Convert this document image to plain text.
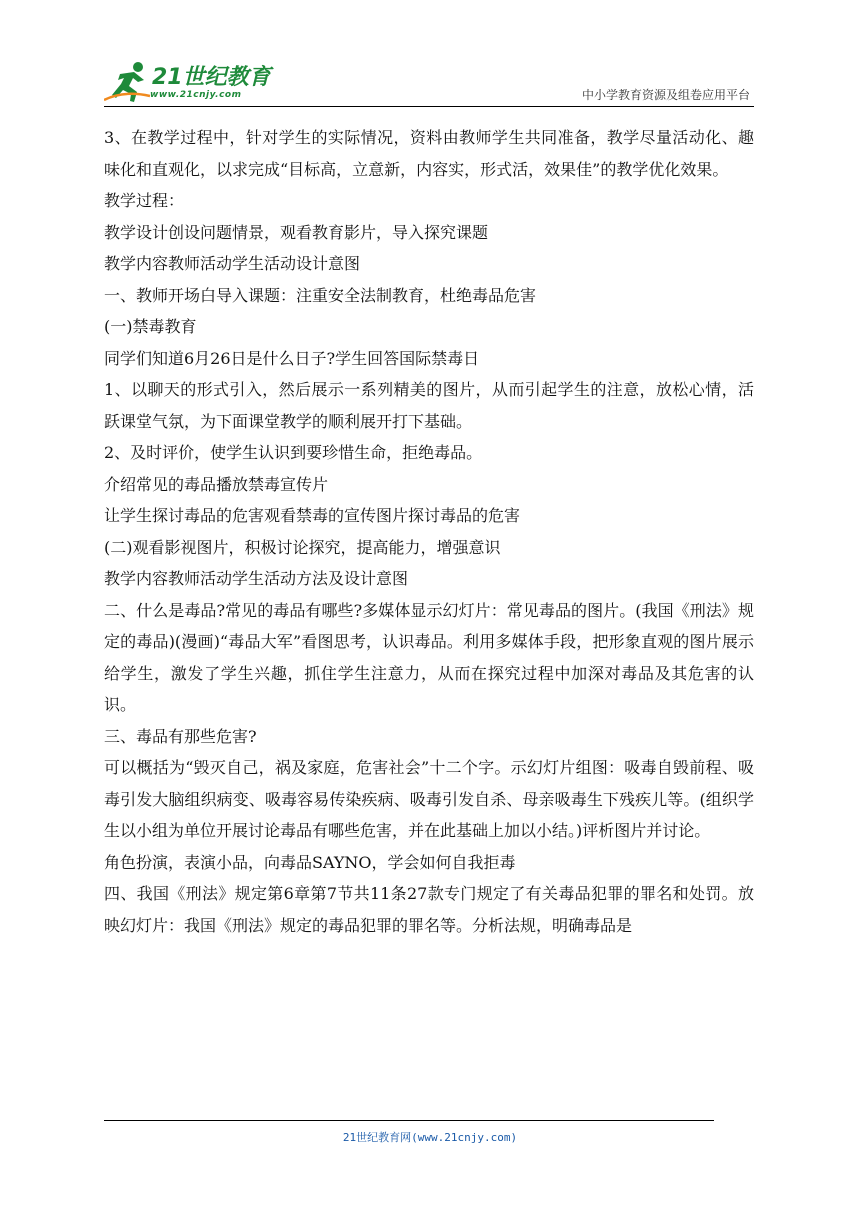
21世纪教育
www.21cnjy.com	中小学教育资源及组卷应用平台

3、在教学过程中，针对学生的实际情况，资料由教师学生共同准备，教学尽量活动化、趣味化和直观化，以求完成“目标高，立意新，内容实，形式活，效果佳”的教学优化效果。

教学过程：

教学设计创设问题情景，观看教育影片，导入探究课题

教学内容教师活动学生活动设计意图

一、教师开场白导入课题：注重安全法制教育，杜绝毒品危害

(一)禁毒教育

同学们知道6月26日是什么日子?学生回答国际禁毒日

1、以聊天的形式引入，然后展示一系列精美的图片，从而引起学生的注意，放松心情，活跃课堂气氛，为下面课堂教学的顺利展开打下基础。

2、及时评价，使学生认识到要珍惜生命，拒绝毒品。

介绍常见的毒品播放禁毒宣传片

让学生探讨毒品的危害观看禁毒的宣传图片探讨毒品的危害

(二)观看影视图片，积极讨论探究，提高能力，增强意识

教学内容教师活动学生活动方法及设计意图

二、什么是毒品?常见的毒品有哪些?多媒体显示幻灯片：常见毒品的图片。(我国《刑法》规定的毒品)(漫画)“毒品大军”看图思考，认识毒品。利用多媒体手段，把形象直观的图片展示给学生，激发了学生兴趣，抓住学生注意力，从而在探究过程中加深对毒品及其危害的认识。

三、毒品有那些危害?

可以概括为“毁灭自己，祸及家庭，危害社会”十二个字。示幻灯片组图：吸毒自毁前程、吸毒引发大脑组织病变、吸毒容易传染疾病、吸毒引发自杀、母亲吸毒生下残疾儿等。(组织学生以小组为单位开展讨论毒品有哪些危害，并在此基础上加以小结。)评析图片并讨论。

角色扮演，表演小品，向毒品SAYNO，学会如何自我拒毒

四、我国《刑法》规定第6章第7节共11条27款专门规定了有关毒品犯罪的罪名和处罚。放映幻灯片：我国《刑法》规定的毒品犯罪的罪名等。分析法规，明确毒品是

21世纪教育网(www.21cnjy.com)
